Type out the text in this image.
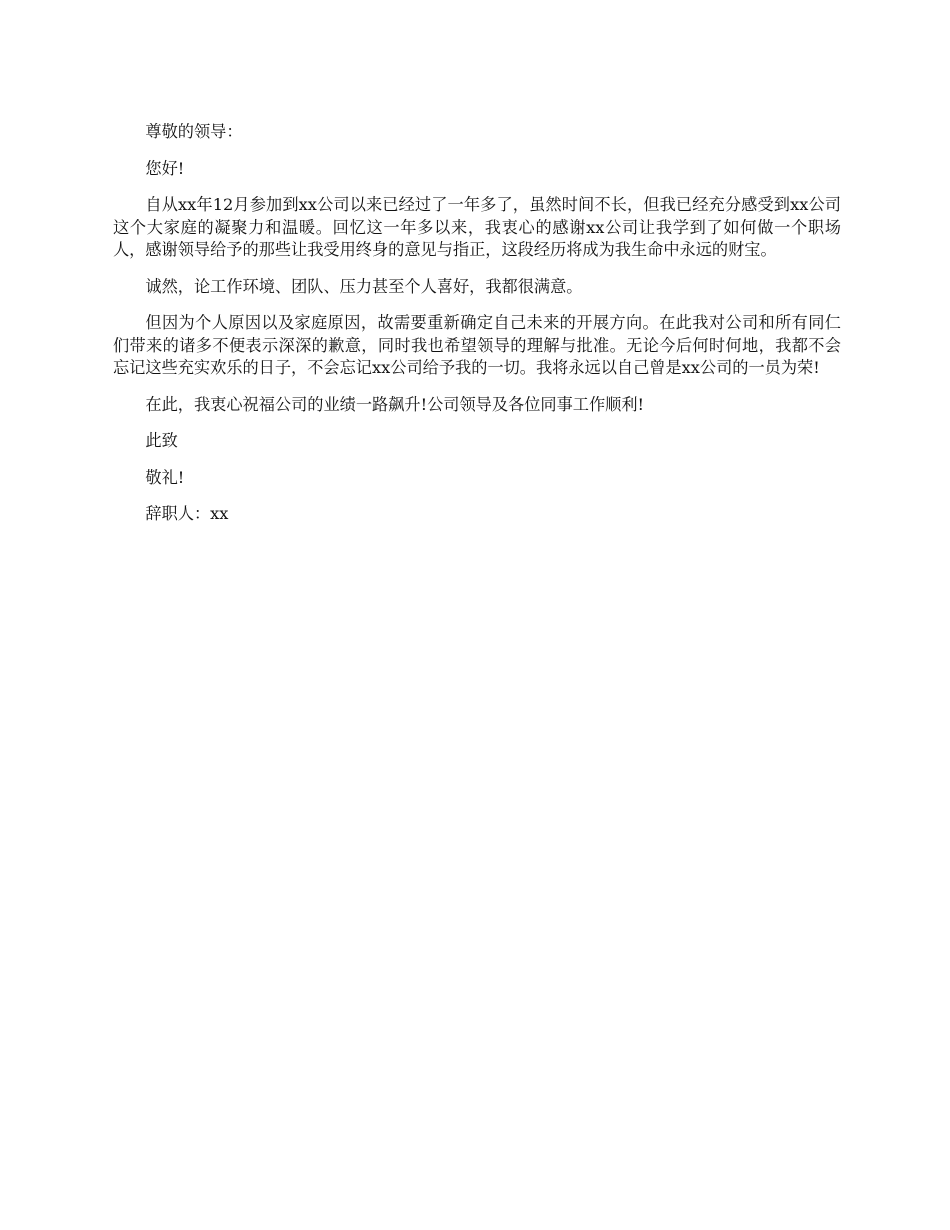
尊敬的领导：

您好!

自从xx年12月参加到xx公司以来已经过了一年多了，虽然时间不长，但我已经充分感受到xx公司这个大家庭的凝聚力和温暖。回忆这一年多以来，我衷心的感谢xx公司让我学到了如何做一个职场人，感谢领导给予的那些让我受用终身的意见与指正，这段经历将成为我生命中永远的财宝。

诚然，论工作环境、团队、压力甚至个人喜好，我都很满意。

但因为个人原因以及家庭原因，故需要重新确定自己未来的开展方向。在此我对公司和所有同仁们带来的诸多不便表示深深的歉意，同时我也希望领导的理解与批准。无论今后何时何地，我都不会忘记这些充实欢乐的日子，不会忘记xx公司给予我的一切。我将永远以自己曾是xx公司的一员为荣!

在此，我衷心祝福公司的业绩一路飙升!公司领导及各位同事工作顺利!

此致

敬礼!

辞职人：xx
